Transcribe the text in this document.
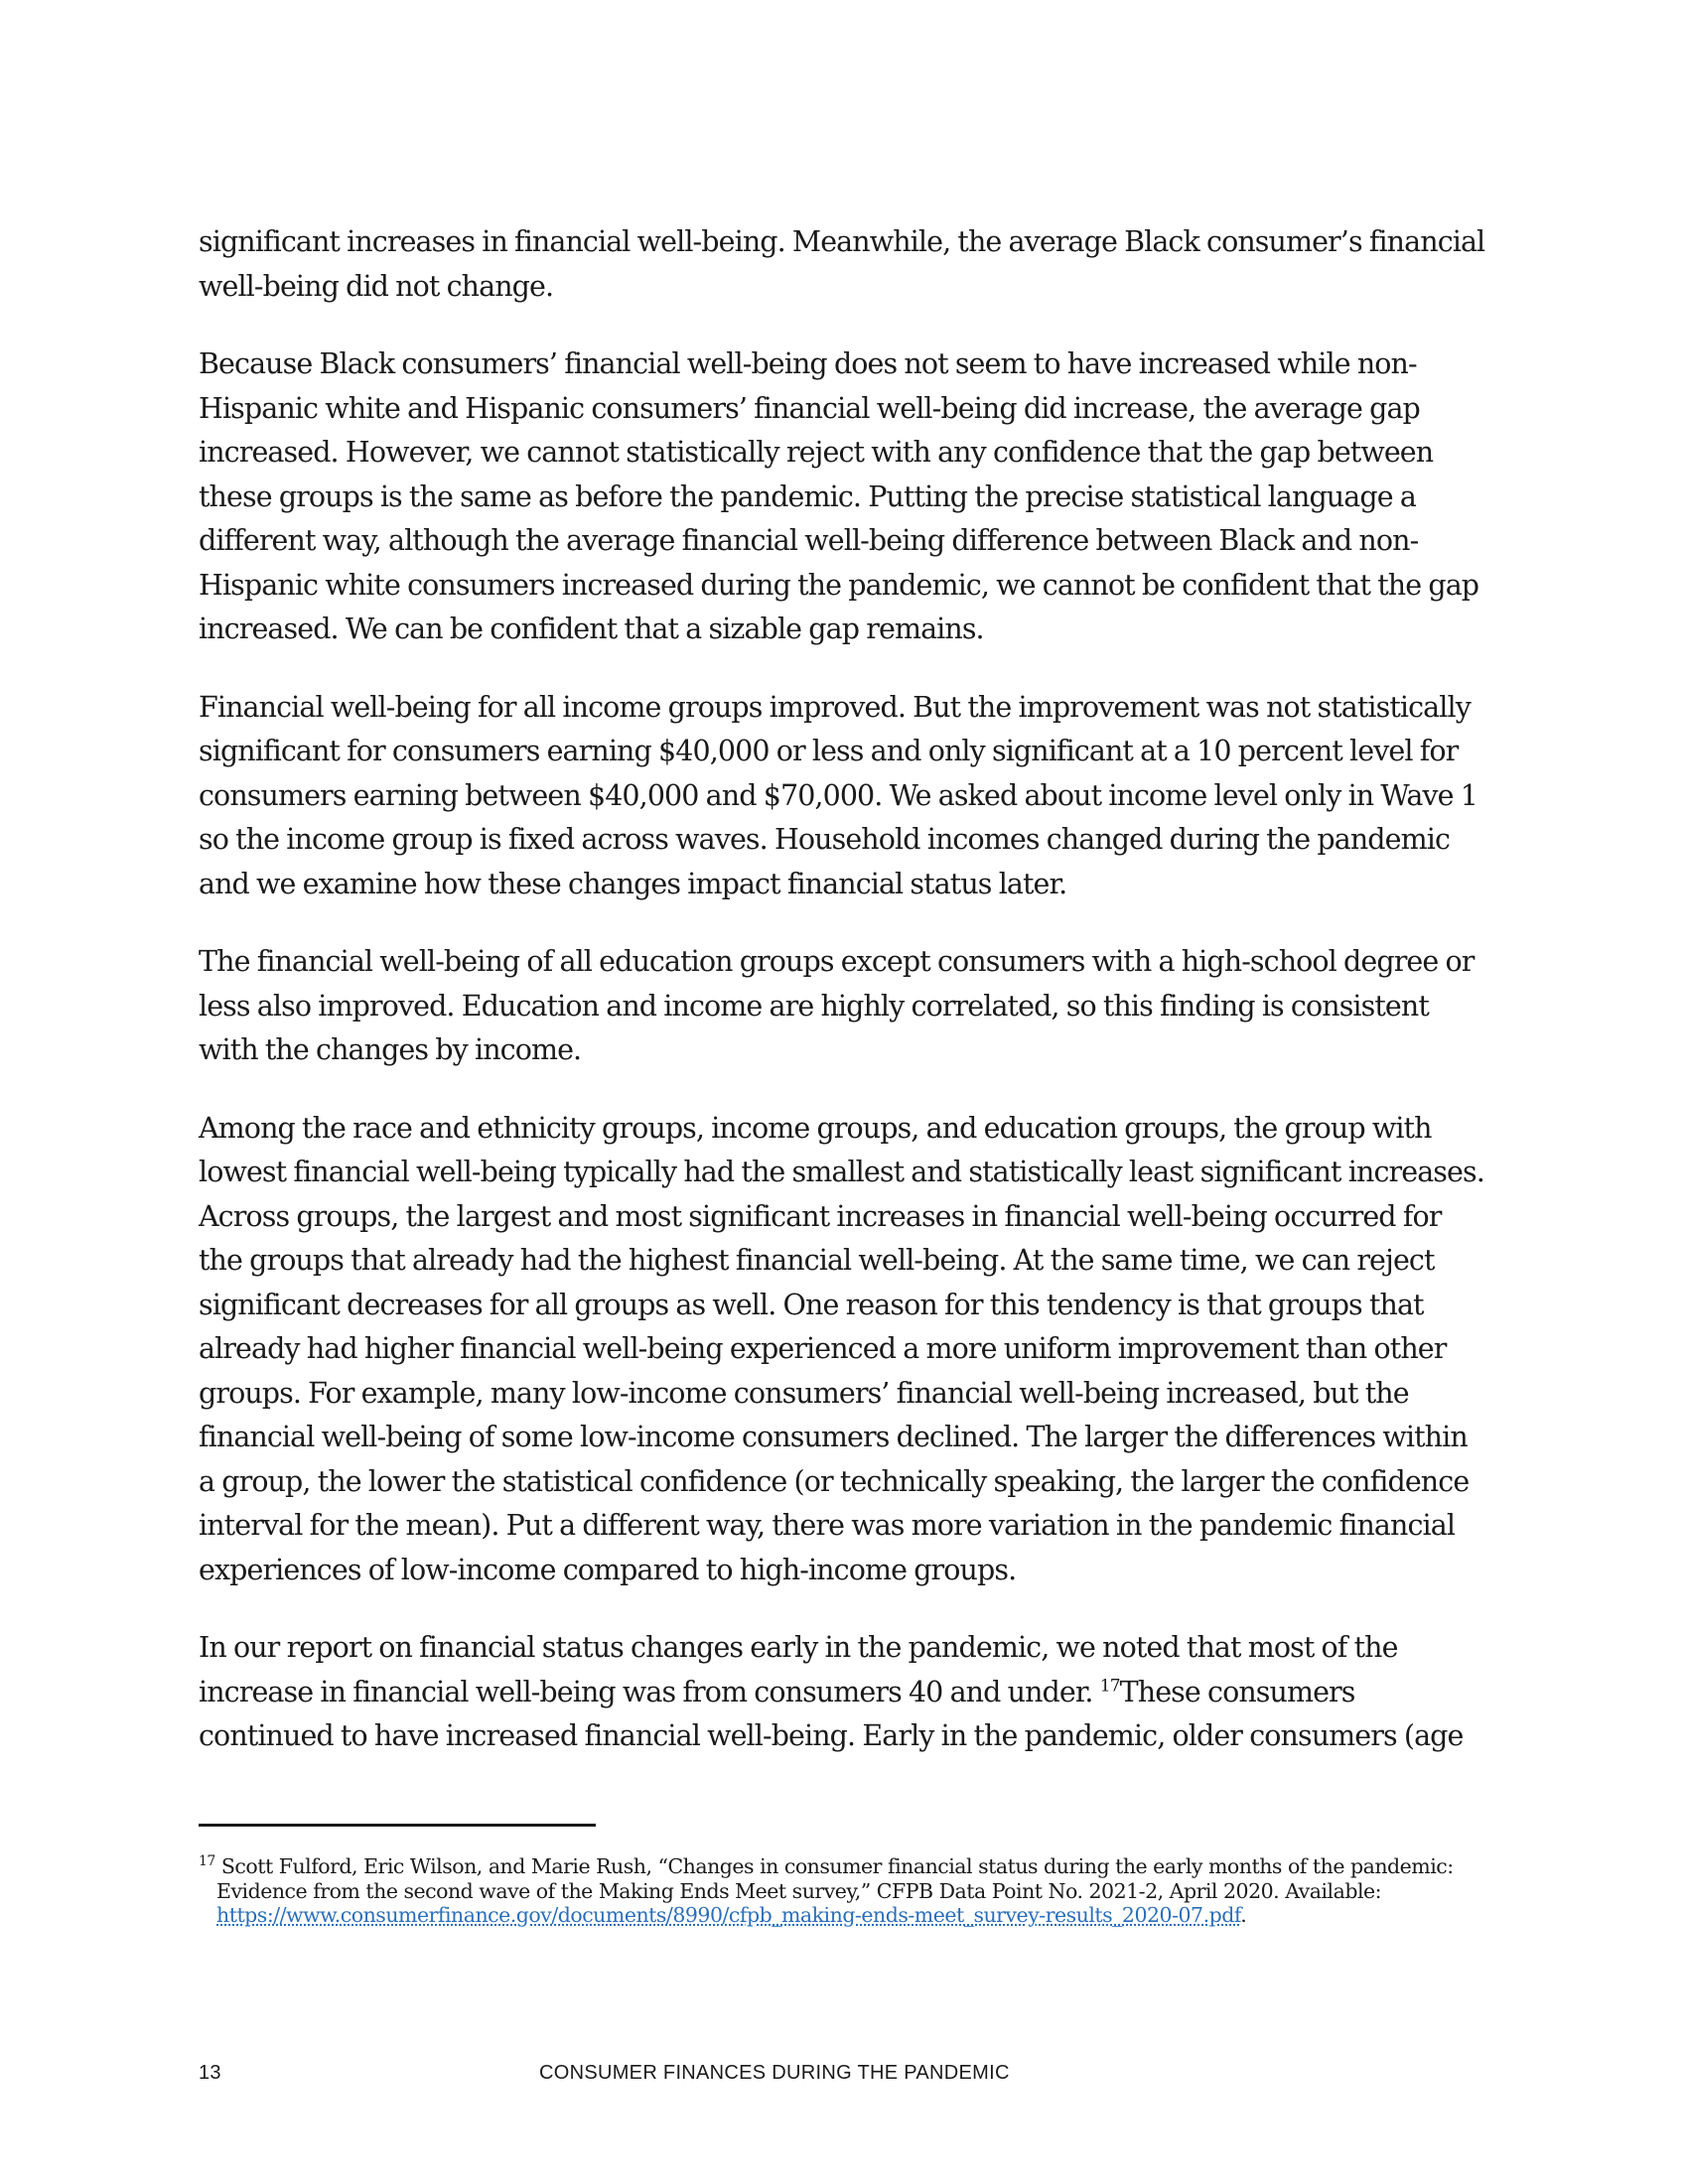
significant increases in financial well-being. Meanwhile, the average Black consumer’s financial well-being did not change.

Because Black consumers’ financial well-being does not seem to have increased while non-Hispanic white and Hispanic consumers’ financial well-being did increase, the average gap increased. However, we cannot statistically reject with any confidence that the gap between these groups is the same as before the pandemic. Putting the precise statistical language a different way, although the average financial well-being difference between Black and non-Hispanic white consumers increased during the pandemic, we cannot be confident that the gap increased. We can be confident that a sizable gap remains.

Financial well-being for all income groups improved. But the improvement was not statistically significant for consumers earning $40,000 or less and only significant at a 10 percent level for consumers earning between $40,000 and $70,000. We asked about income level only in Wave 1 so the income group is fixed across waves. Household incomes changed during the pandemic and we examine how these changes impact financial status later.

The financial well-being of all education groups except consumers with a high-school degree or less also improved. Education and income are highly correlated, so this finding is consistent with the changes by income.

Among the race and ethnicity groups, income groups, and education groups, the group with lowest financial well-being typically had the smallest and statistically least significant increases. Across groups, the largest and most significant increases in financial well-being occurred for the groups that already had the highest financial well-being. At the same time, we can reject significant decreases for all groups as well. One reason for this tendency is that groups that already had higher financial well-being experienced a more uniform improvement than other groups. For example, many low-income consumers’ financial well-being increased, but the financial well-being of some low-income consumers declined. The larger the differences within a group, the lower the statistical confidence (or technically speaking, the larger the confidence interval for the mean). Put a different way, there was more variation in the pandemic financial experiences of low-income compared to high-income groups.

In our report on financial status changes early in the pandemic, we noted that most of the increase in financial well-being was from consumers 40 and under. $^{17}$These consumers continued to have increased financial well-being. Early in the pandemic, older consumers (age

$^{17}$ Scott Fulford, Eric Wilson, and Marie Rush, “Changes in consumer financial status during the early months of the pandemic: Evidence from the second wave of the Making Ends Meet survey,” CFPB Data Point No. 2021-2, April 2020. Available: https://www.consumerfinance.gov/documents/8990/cfpb_making-ends-meet_survey-results_2020-07.pdf.
13	CONSUMER FINANCES DURING THE PANDEMIC
